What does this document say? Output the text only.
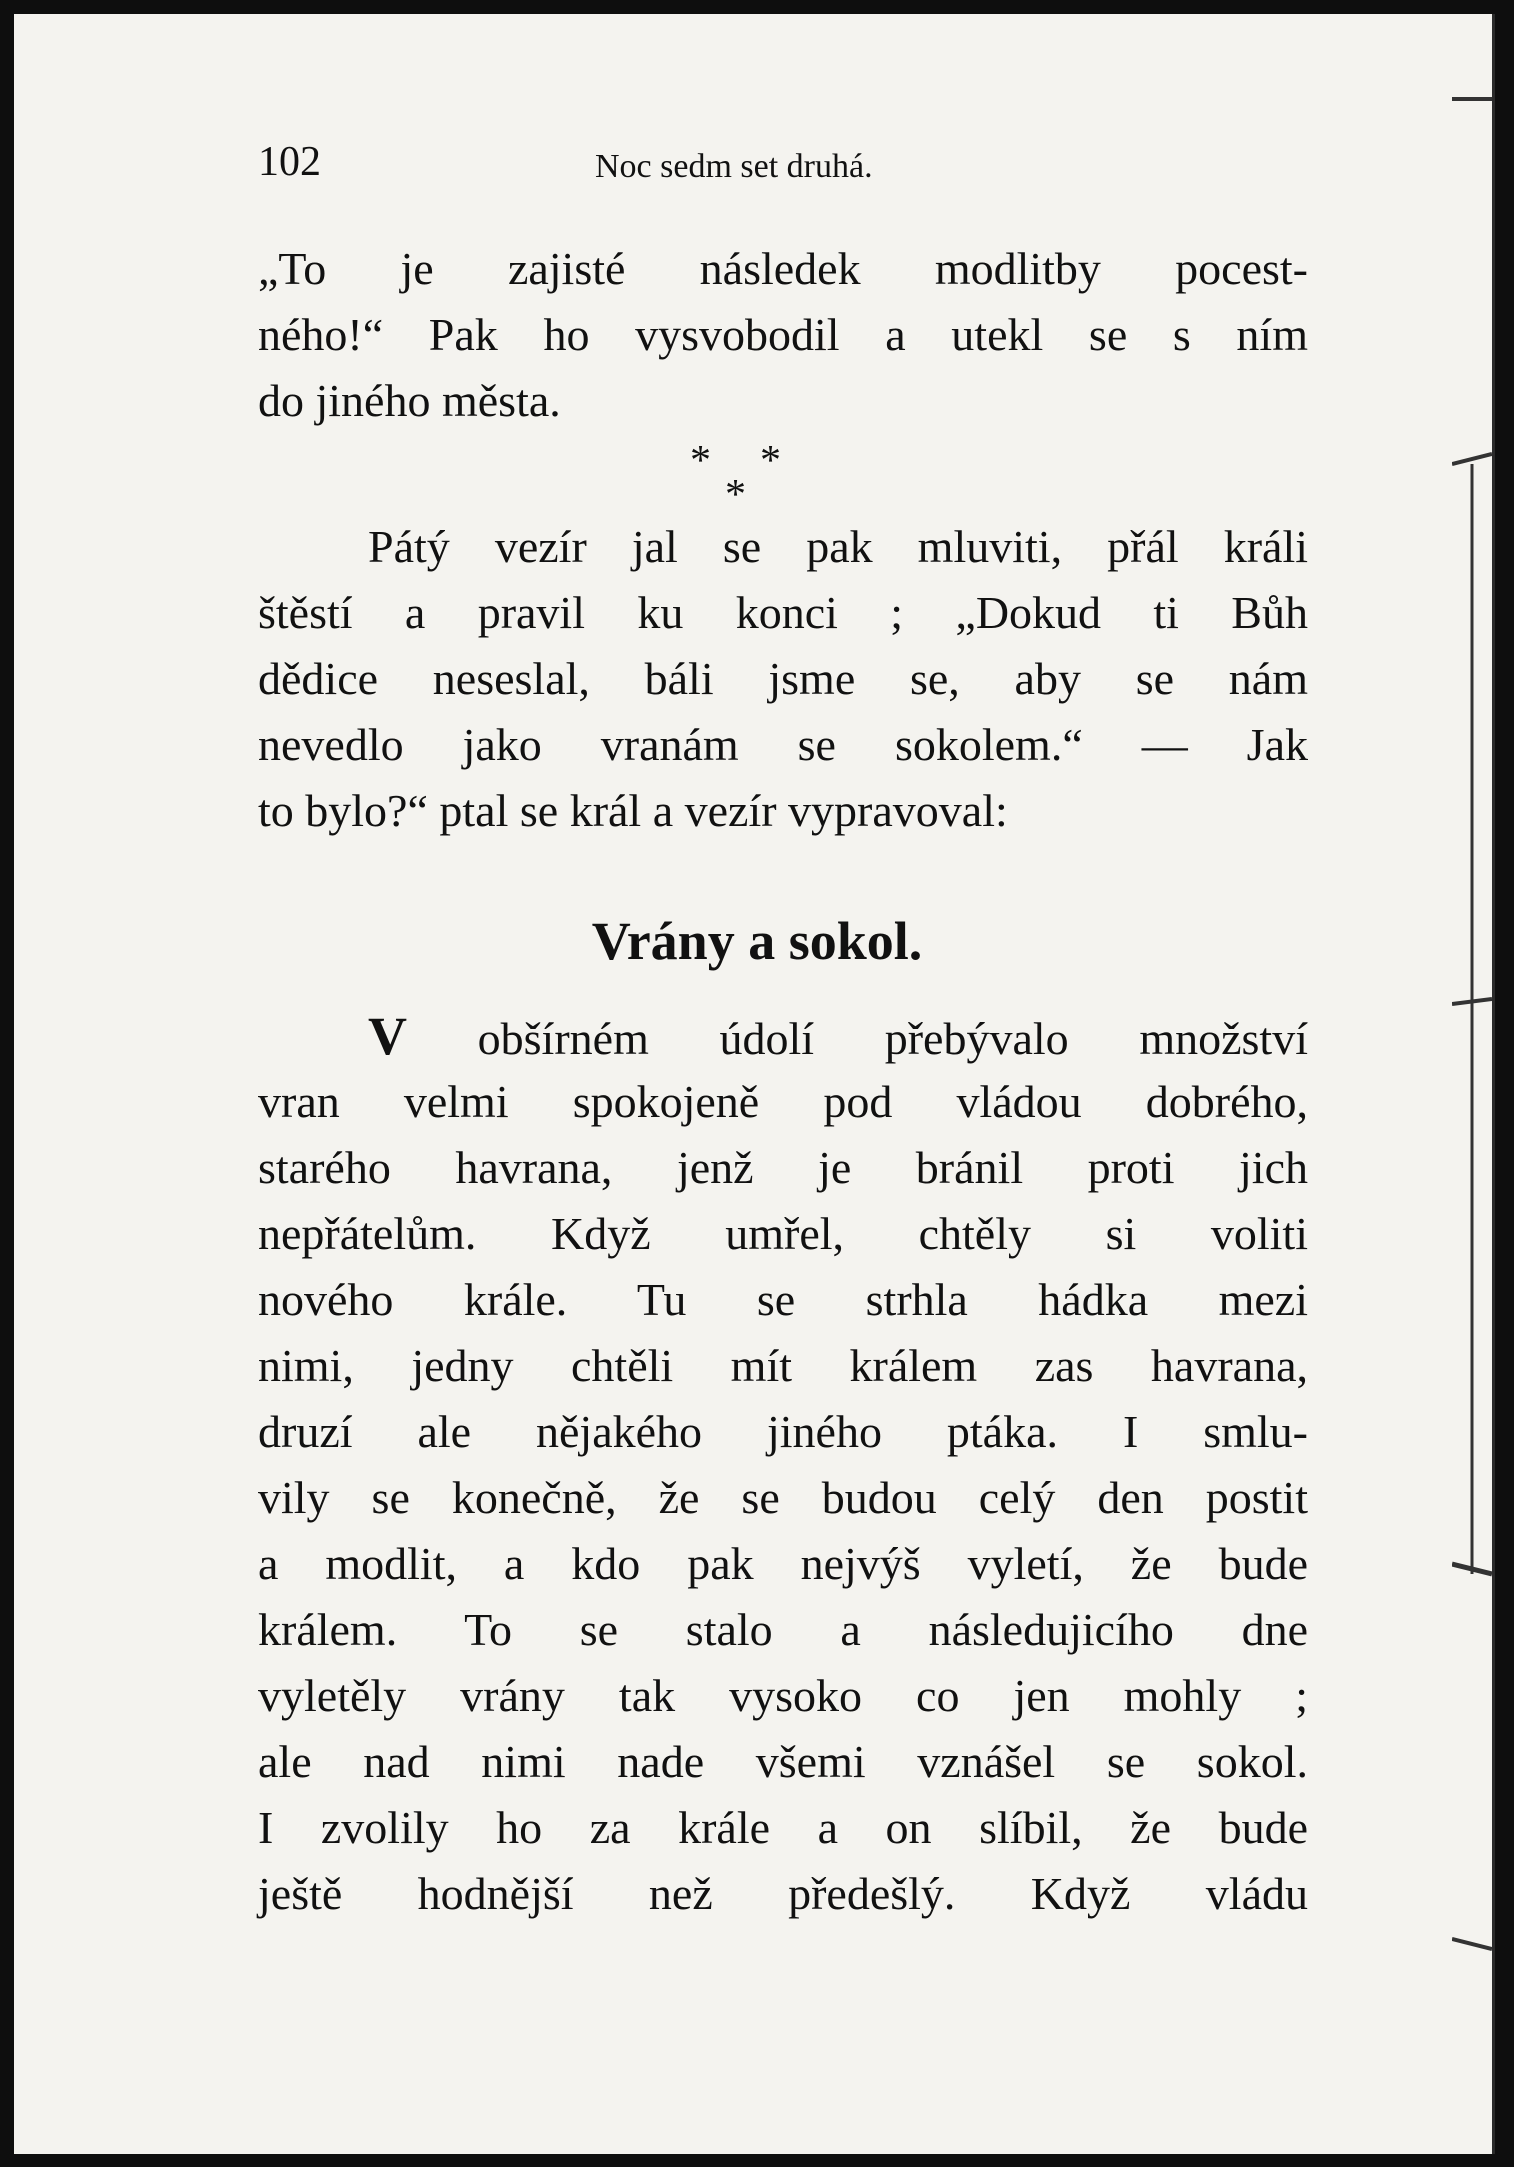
102	Noc sedm set druhá.
„To je zajisté následek modlitby pocest-
ného!“ Pak ho vysvobodil a utekl se s ním
do jiného města.
* *
*
Pátý vezír jal se pak mluviti, přál králi
štěstí a pravil ku konci ; „Dokud ti Bůh
dědice neseslal, báli jsme se, aby se nám
nevedlo jako vranám se sokolem.“ — Jak
to bylo?“ ptal se král a vezír vypravoval:
Vrány a sokol.
V obšírném údolí přebývalo množství
vran velmi spokojeně pod vládou dobrého,
starého havrana, jenž je bránil proti jich
nepřátelům. Když umřel, chtěly si voliti
nového krále. Tu se strhla hádka mezi
nimi, jedny chtěli mít králem zas havrana,
druzí ale nějakého jiného ptáka. I smlu-
vily se konečně, že se budou celý den postit
a modlit, a kdo pak nejvýš vyletí, že bude
králem. To se stalo a následujicího dne
vyletěly vrány tak vysoko co jen mohly ;
ale nad nimi nade všemi vznášel se sokol.
I zvolily ho za krále a on slíbil, že bude
ještě hodnější než předešlý. Když vládu
